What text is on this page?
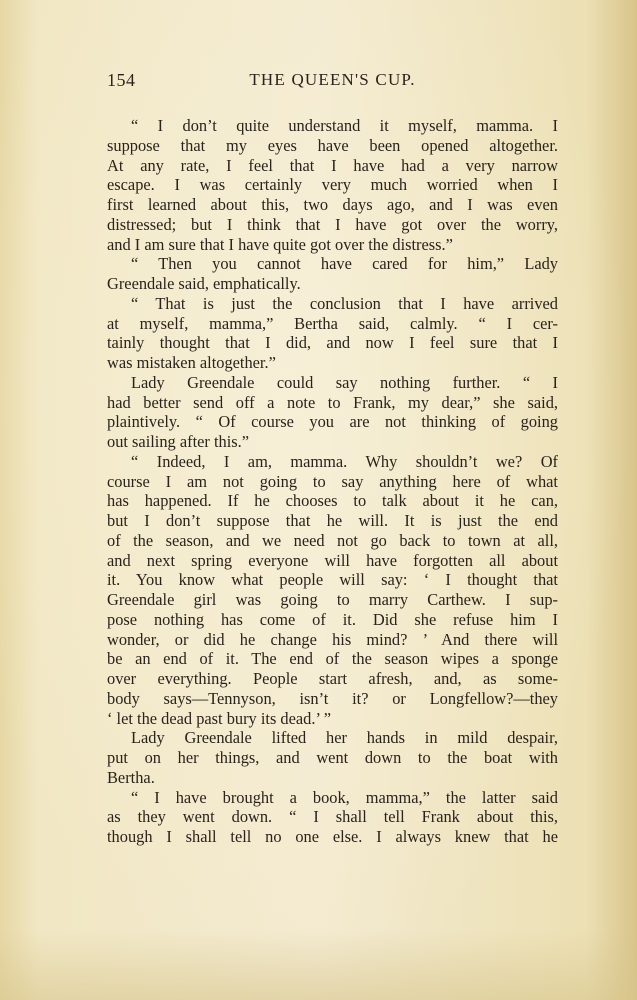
154	THE QUEEN'S CUP.
“ I don’t quite understand it myself, mamma. I
suppose that my eyes have been opened altogether.
At any rate, I feel that I have had a very narrow
escape. I was certainly very much worried when I
first learned about this, two days ago, and I was even
distressed; but I think that I have got over the worry,
and I am sure that I have quite got over the distress.”
“ Then you cannot have cared for him,” Lady
Greendale said, emphatically.
“ That is just the conclusion that I have arrived
at myself, mamma,” Bertha said, calmly. “ I cer-
tainly thought that I did, and now I feel sure that I
was mistaken altogether.”
Lady Greendale could say nothing further. “ I
had better send off a note to Frank, my dear,” she said,
plaintively. “ Of course you are not thinking of going
out sailing after this.”
“ Indeed, I am, mamma. Why shouldn’t we? Of
course I am not going to say anything here of what
has happened. If he chooses to talk about it he can,
but I don’t suppose that he will. It is just the end
of the season, and we need not go back to town at all,
and next spring everyone will have forgotten all about
it. You know what people will say: ‘ I thought that
Greendale girl was going to marry Carthew. I sup-
pose nothing has come of it. Did she refuse him I
wonder, or did he change his mind? ’ And there will
be an end of it. The end of the season wipes a sponge
over everything. People start afresh, and, as some-
body says—Tennyson, isn’t it? or Longfellow?—they
‘ let the dead past bury its dead.’ ”
Lady Greendale lifted her hands in mild despair,
put on her things, and went down to the boat with
Bertha.
“ I have brought a book, mamma,” the latter said
as they went down. “ I shall tell Frank about this,
though I shall tell no one else. I always knew that he
